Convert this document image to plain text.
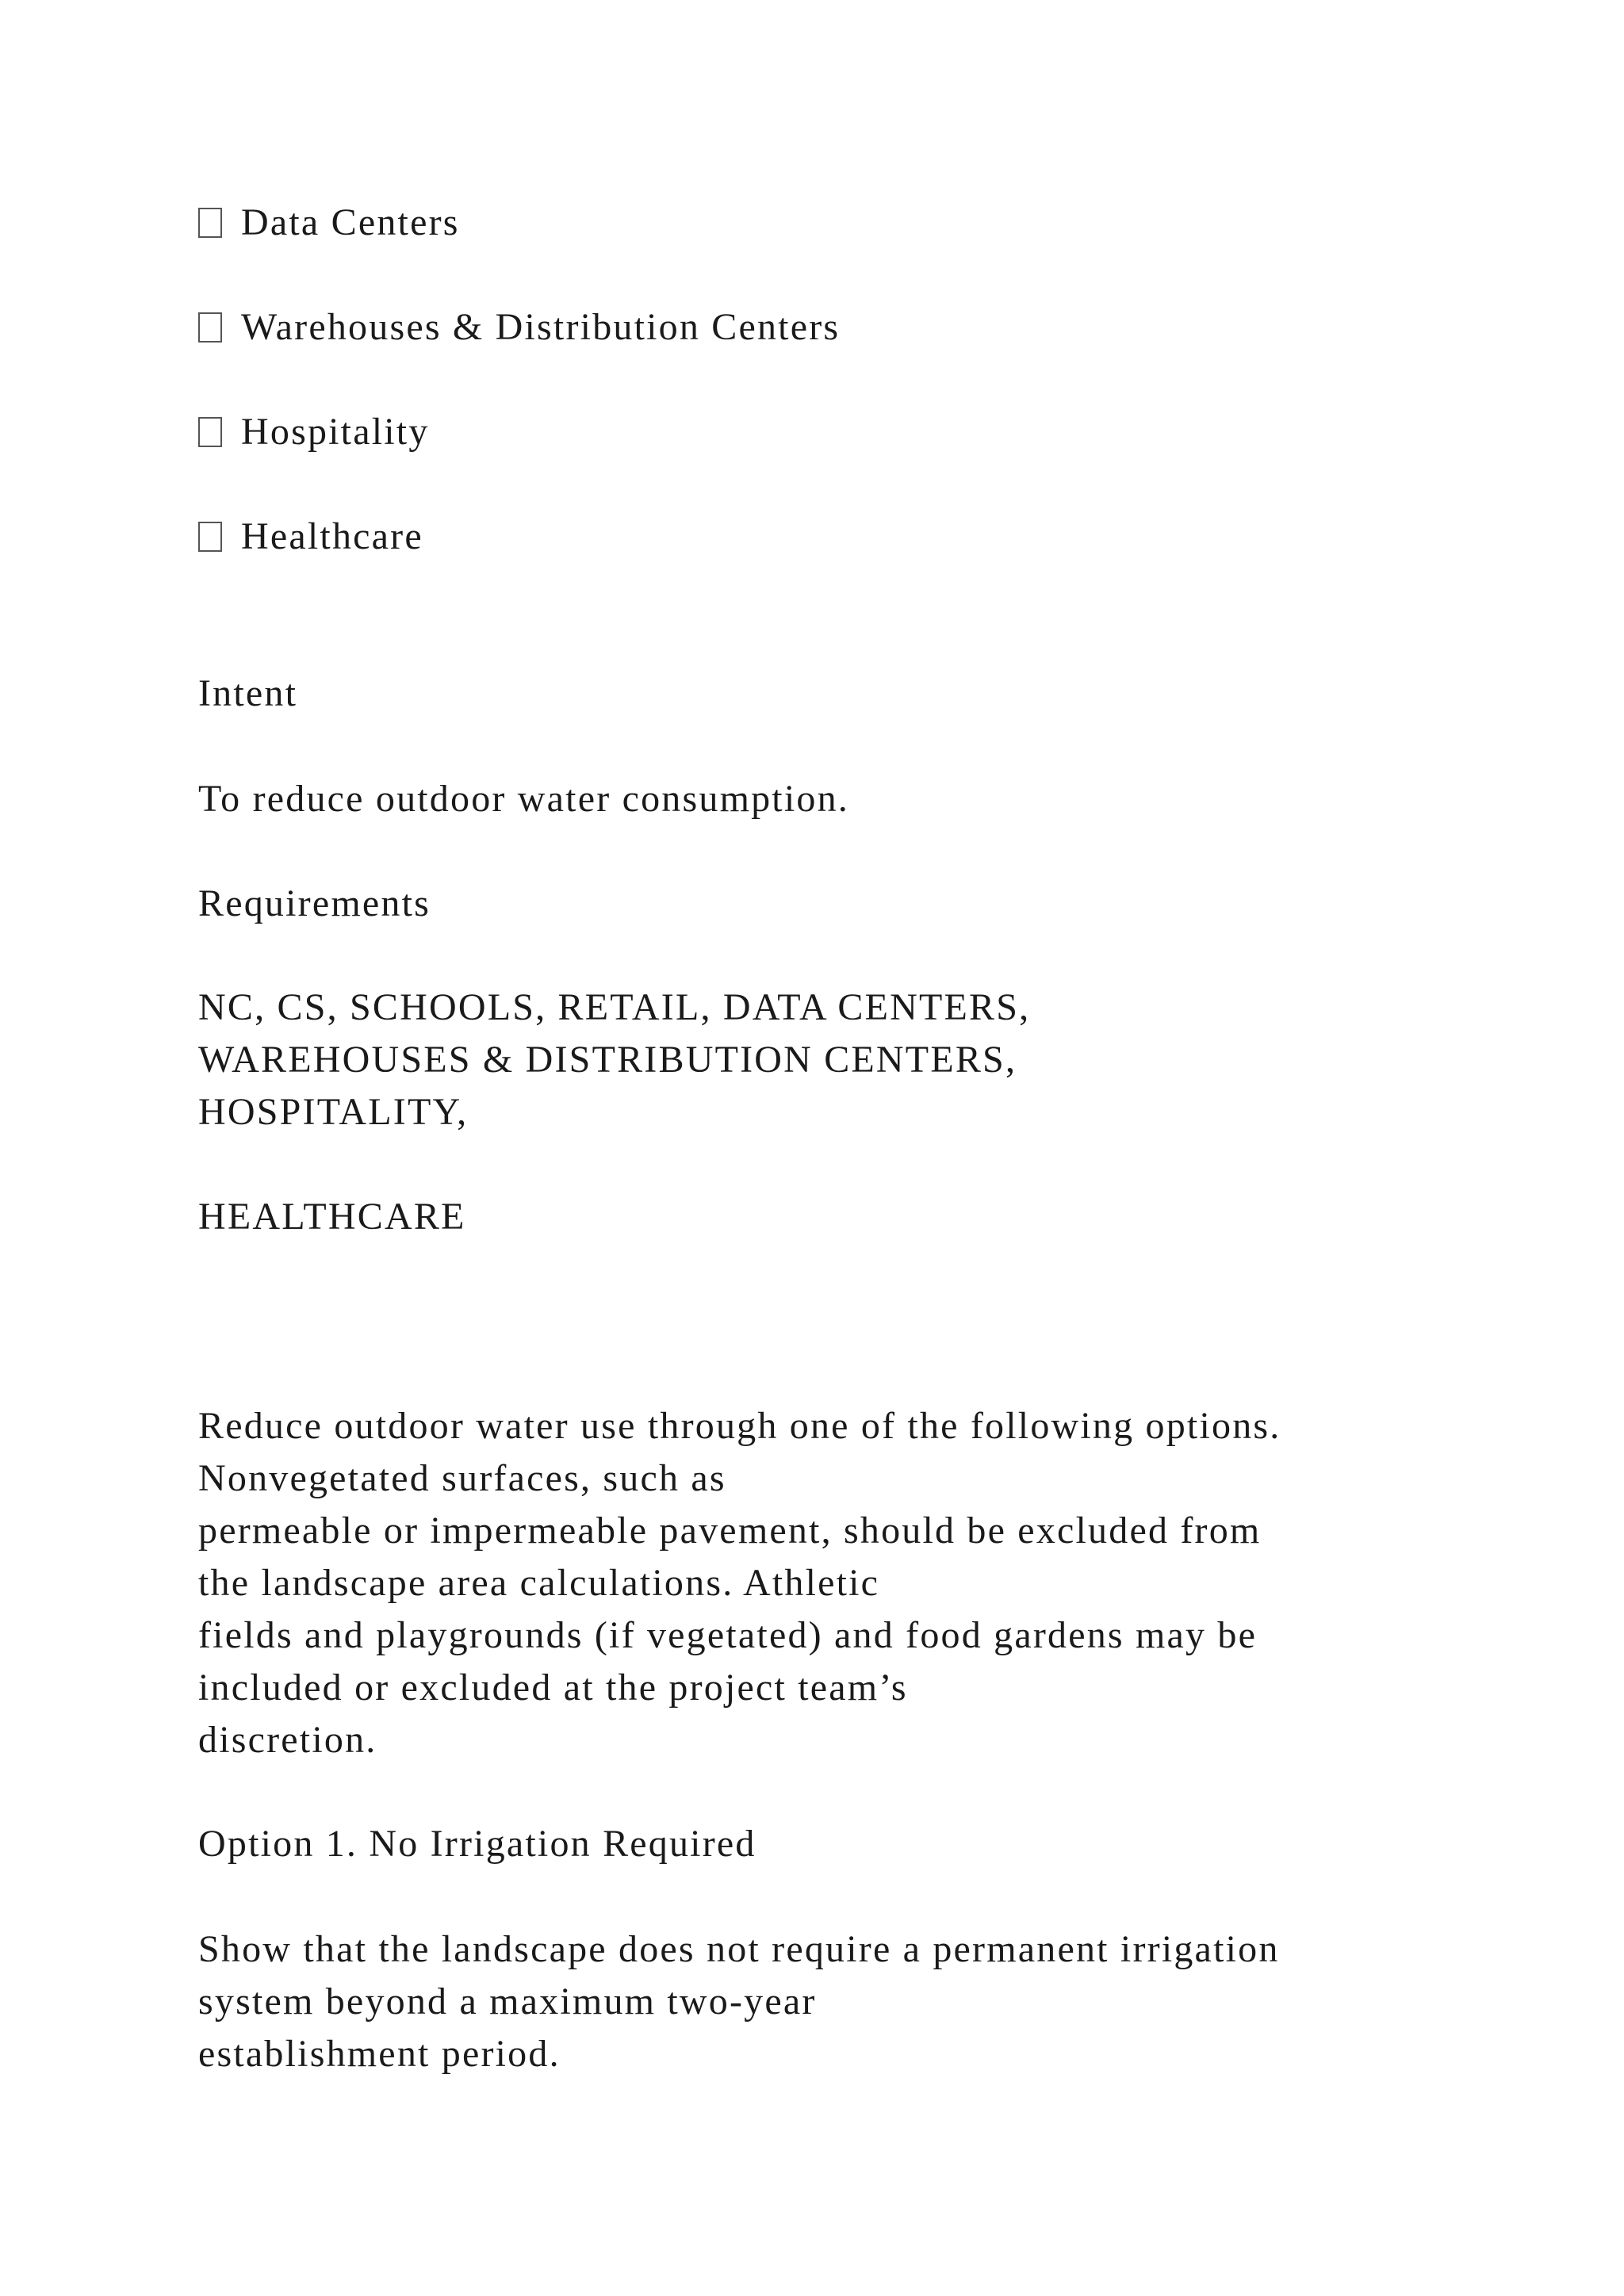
Data Centers
Warehouses & Distribution Centers
Hospitality
Healthcare
Intent
To reduce outdoor water consumption.
Requirements
NC, CS, SCHOOLS, RETAIL, DATA CENTERS,
WAREHOUSES & DISTRIBUTION CENTERS,
HOSPITALITY,
HEALTHCARE
Reduce outdoor water use through one of the following options.
Nonvegetated surfaces, such as
permeable or impermeable pavement, should be excluded from
the landscape area calculations. Athletic
fields and playgrounds (if vegetated) and food gardens may be
included or excluded at the project team’s
discretion.
Option 1. No Irrigation Required
Show that the landscape does not require a permanent irrigation
system beyond a maximum two-year
establishment period.
